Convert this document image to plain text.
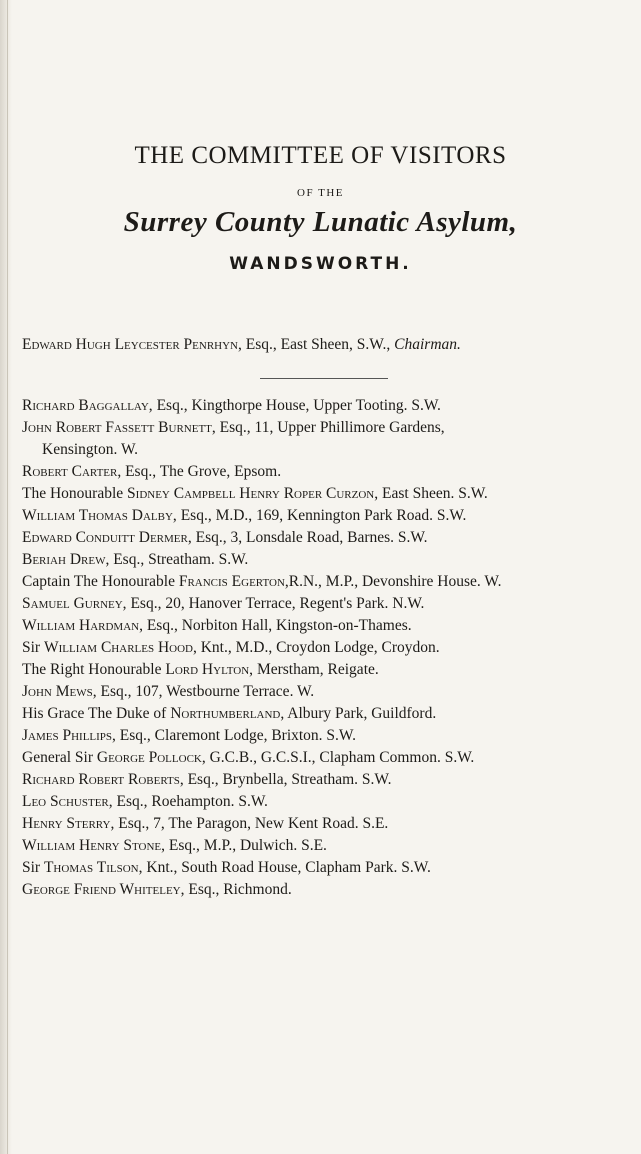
THE COMMITTEE OF VISITORS
OF THE
Surrey County Lunatic Asylum,
WANDSWORTH.
Edward Hugh Leycester Penrhyn, Esq., East Sheen, S.W., Chairman.
Richard Baggallay, Esq., Kingthorpe House, Upper Tooting. S.W.
John Robert Fassett Burnett, Esq., 11, Upper Phillimore Gardens,
Kensington. W.
Robert Carter, Esq., The Grove, Epsom.
The Honourable Sidney Campbell Henry Roper Curzon, East Sheen. S.W.
William Thomas Dalby, Esq., M.D., 169, Kennington Park Road. S.W.
Edward Conduitt Dermer, Esq., 3, Lonsdale Road, Barnes. S.W.
Beriah Drew, Esq., Streatham. S.W.
Captain The Honourable Francis Egerton,R.N., M.P., Devonshire House. W.
Samuel Gurney, Esq., 20, Hanover Terrace, Regent's Park. N.W.
William Hardman, Esq., Norbiton Hall, Kingston-on-Thames.
Sir William Charles Hood, Knt., M.D., Croydon Lodge, Croydon.
The Right Honourable Lord Hylton, Merstham, Reigate.
John Mews, Esq., 107, Westbourne Terrace. W.
His Grace The Duke of Northumberland, Albury Park, Guildford.
James Phillips, Esq., Claremont Lodge, Brixton. S.W.
General Sir George Pollock, G.C.B., G.C.S.I., Clapham Common. S.W.
Richard Robert Roberts, Esq., Brynbella, Streatham. S.W.
Leo Schuster, Esq., Roehampton. S.W.
Henry Sterry, Esq., 7, The Paragon, New Kent Road. S.E.
William Henry Stone, Esq., M.P., Dulwich. S.E.
Sir Thomas Tilson, Knt., South Road House, Clapham Park. S.W.
George Friend Whiteley, Esq., Richmond.
